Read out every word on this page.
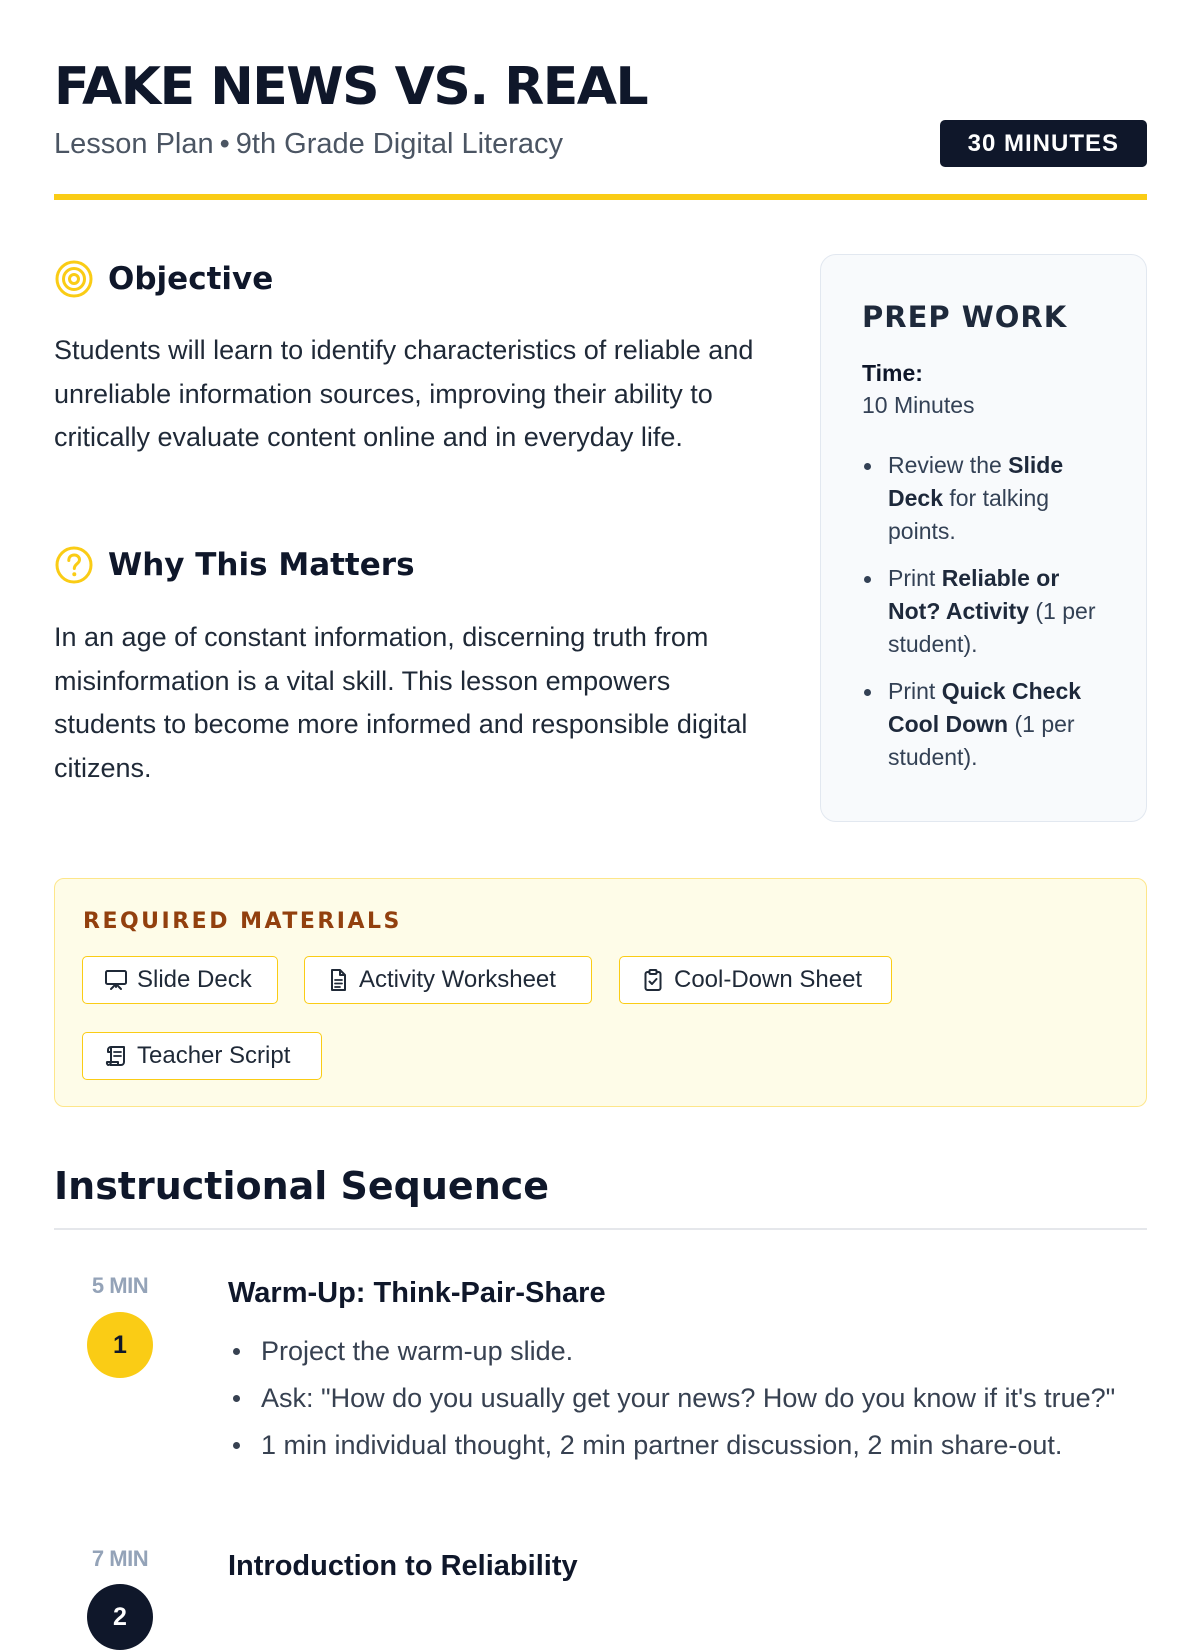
FAKE NEWS VS. REAL
Lesson Plan • 9th Grade Digital Literacy	30 MINUTES
Objective

Students will learn to identify characteristics of reliable and unreliable information sources, improving their ability to critically evaluate content online and in everyday life.

Why This Matters

In an age of constant information, discerning truth from misinformation is a vital skill. This lesson empowers students to become more informed and responsible digital citizens.

PREP WORK
Time:
10 Minutes
Review the Slide Deck for talking points.
Print Reliable or Not? Activity (1 per student).
Print Quick Check Cool Down (1 per student).
REQUIRED MATERIALS
Slide Deck	Activity Worksheet	Cool-Down Sheet
Teacher Script
Instructional Sequence
5 MIN
1
Warm-Up: Think-Pair-Share
Project the warm-up slide.
Ask: "How do you usually get your news? How do you know if it's true?"
1 min individual thought, 2 min partner discussion, 2 min share-out.
7 MIN
2
Introduction to Reliability
